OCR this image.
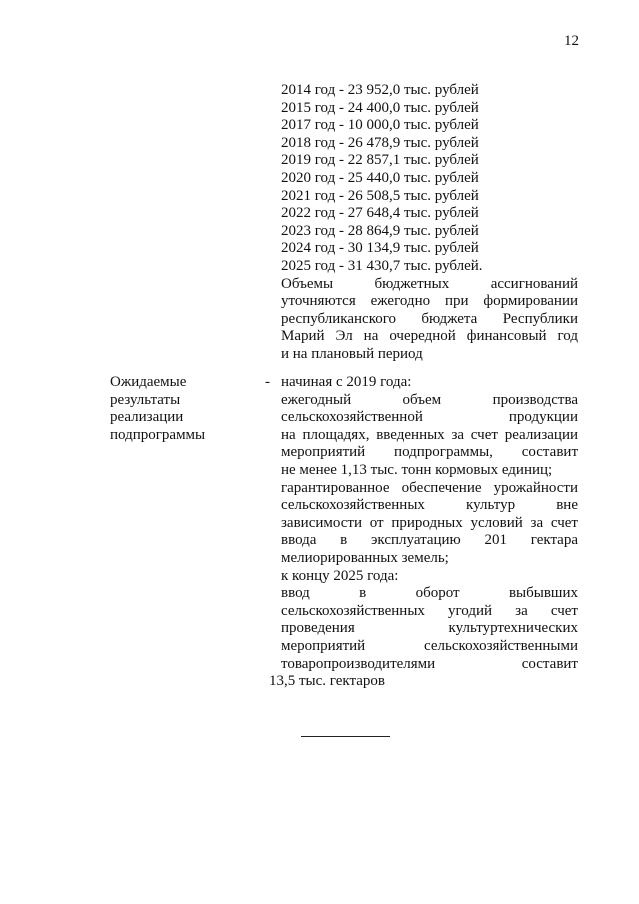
12
2014 год - 23 952,0 тыс. рублей
2015 год - 24 400,0 тыс. рублей
2017 год - 10 000,0 тыс. рублей
2018 год - 26 478,9 тыс. рублей
2019 год - 22 857,1 тыс. рублей
2020 год - 25 440,0 тыс. рублей
2021 год - 26 508,5 тыс. рублей
2022 год - 27 648,4 тыс. рублей
2023 год - 28 864,9 тыс. рублей
2024 год - 30 134,9 тыс. рублей
2025 год - 31 430,7 тыс. рублей.
Объемы бюджетных ассигнований
уточняются ежегодно при формировании
республиканского бюджета Республики
Марий Эл на очередной финансовый год
и на плановый период
Ожидаемые
результаты
реализации
подпрограммы
- начиная с 2019 года:
ежегодный объем производства
сельскохозяйственной продукции
на площадях, введенных за счет реализации
мероприятий подпрограммы, составит
не менее 1,13 тыс. тонн кормовых единиц;
гарантированное обеспечение урожайности
сельскохозяйственных культур вне
зависимости от природных условий за счет
ввода в эксплуатацию 201 гектара
мелиорированных земель;
к концу 2025 года:
ввод в оборот выбывших
сельскохозяйственных угодий за счет
проведения культуртехнических
мероприятий сельскохозяйственными
товаропроизводителями составит
13,5 тыс. гектаров
